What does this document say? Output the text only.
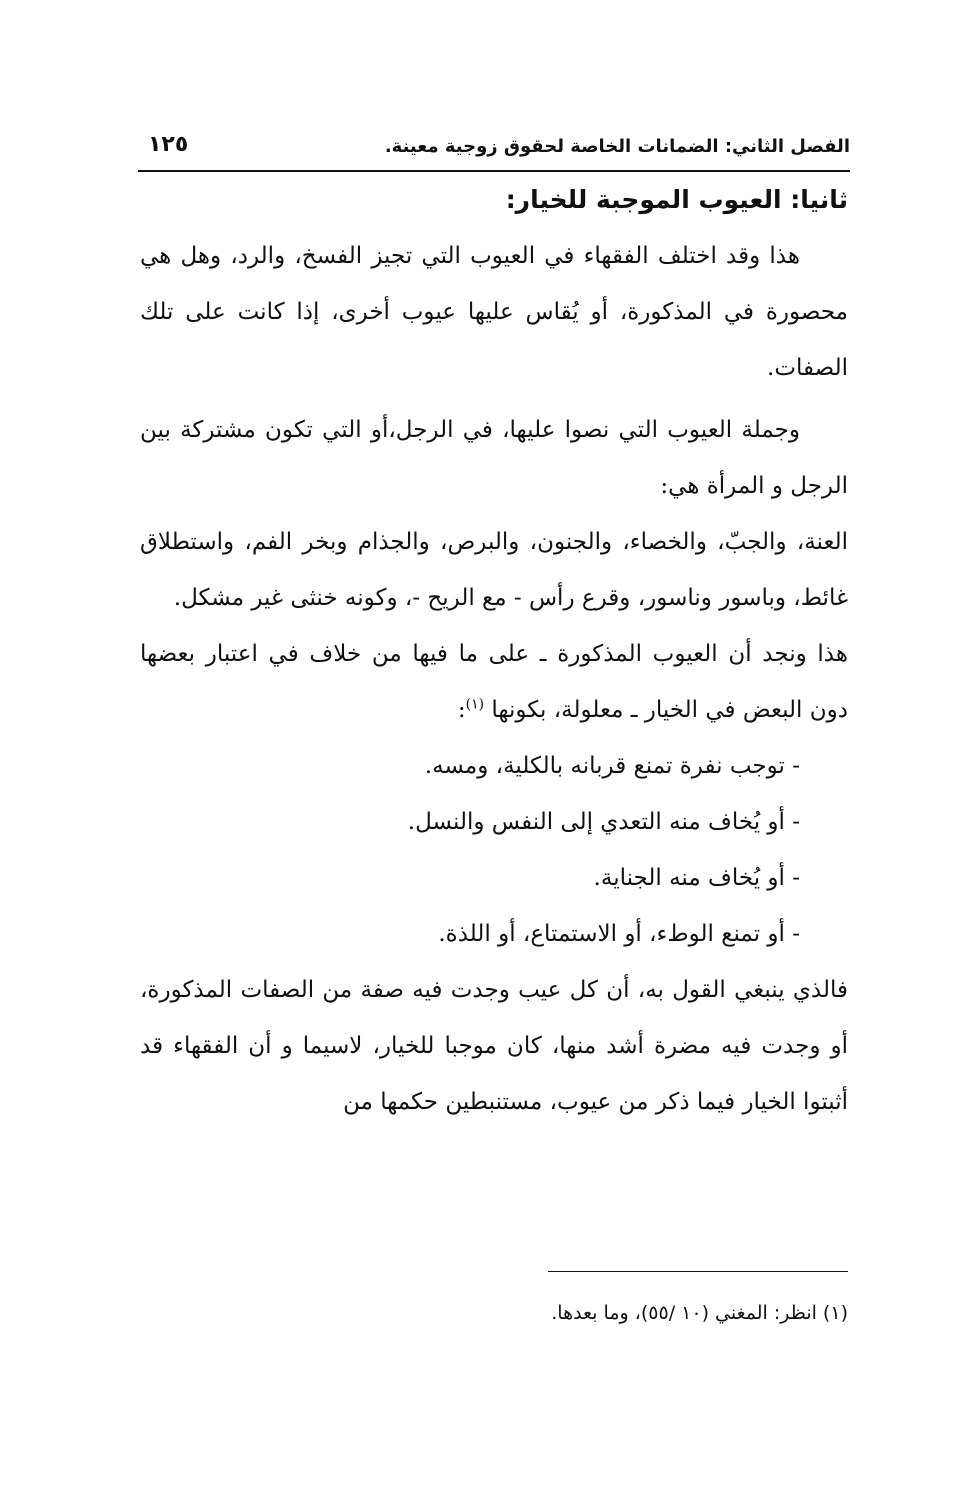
الفصل الثاني: الضمانات الخاصة لحقوق زوجية معينة.
١٢٥
ثانيا: العيوب الموجبة للخيار:

هذا وقد اختلف الفقهاء في العيوب التي تجيز الفسخ، والرد، وهل هي محصورة في المذكورة، أو يُقاس عليها عيوب أخرى، إذا كانت على تلك الصفات.

وجملة العيوب التي نصوا عليها، في الرجل،أو التي تكون مشتركة بين الرجل و المرأة هي:

العنة، والجبّ، والخصاء، والجنون، والبرص، والجذام وبخر الفم، واستطلاق غائط، وباسور وناسور، وقرع رأس - مع الريح -، وكونه خنثى غير مشكل.

هذا ونجد أن العيوب المذكورة ـ على ما فيها من خلاف في اعتبار بعضها دون البعض في الخيار ـ معلولة، بكونها $^{(١)}$:

- توجب نفرة تمنع قربانه بالكلية، ومسه.

- أو يُخاف منه التعدي إلى النفس والنسل.

- أو يُخاف منه الجناية.

- أو تمنع الوطء، أو الاستمتاع، أو اللذة.

فالذي ينبغي القول به، أن كل عيب وجدت فيه صفة من الصفات المذكورة، أو وجدت فيه مضرة أشد منها، كان موجبا للخيار، لاسيما و أن الفقهاء قد أثبتوا الخيار فيما ذكر من عيوب، مستنبطين حكمها من

(١) انظر: المغني (١٠ /٥٥)، وما بعدها.
